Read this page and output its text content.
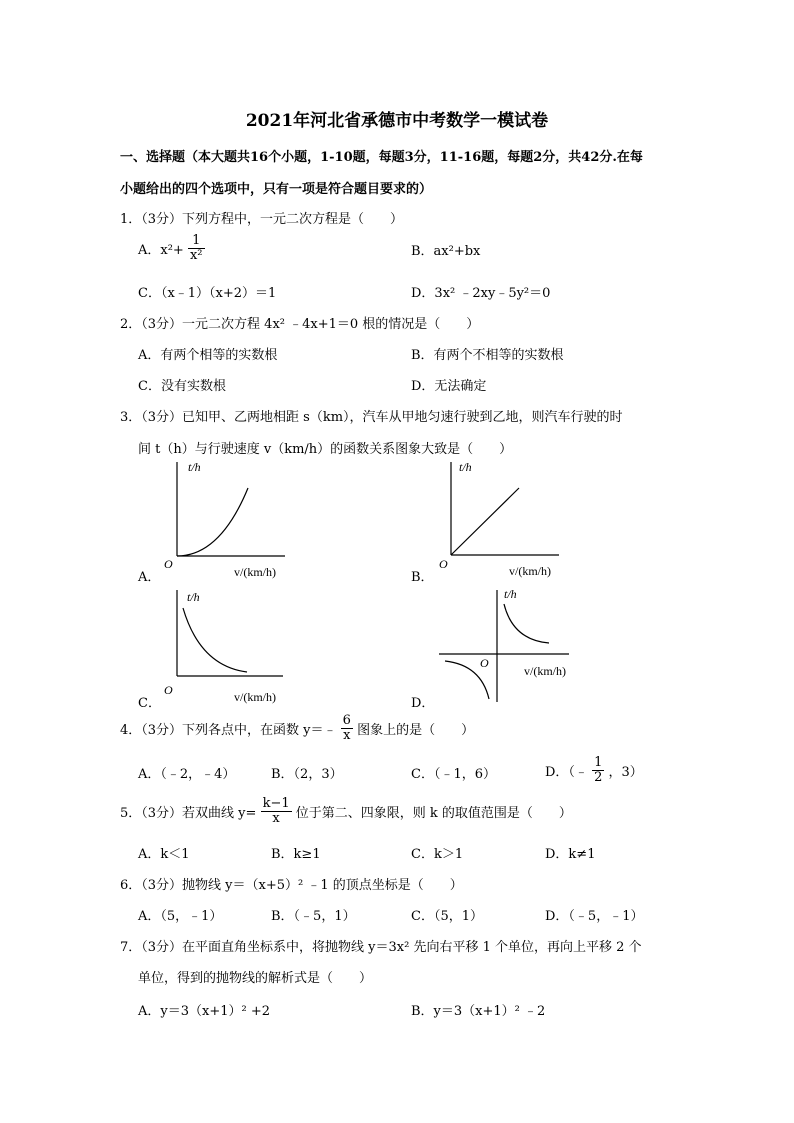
2021年河北省承德市中考数学一模试卷
一、选择题（本大题共16个小题，1-10题，每题3分，11-16题，每题2分，共42分.在每
小题给出的四个选项中，只有一项是符合题目要求的）
1．（3分）下列方程中，一元二次方程是（　　）
A．$x^2+ \frac{1}{\text{x²}}$	B．ax²+bx
C．（x﹣1）（x+2）＝1	D．3x² ﹣2xy﹣5y²＝0
2．（3分）一元二次方程 4x² ﹣4x+1＝0 根的情况是（　　）
A．有两个相等的实数根	B．有两个不相等的实数根
C．没有实数根	D．无法确定
3．（3分）已知甲、乙两地相距 s（km），汽车从甲地匀速行驶到乙地，则汽车行驶的时
间 t（h）与行驶速度 v（km/h）的函数关系图象大致是（　　）
A．
t/h
O
v/(km/h)	B．
t/h
O	v/(km/h)
C．
t/h
O	v/(km/h)	D．
t/h
O
v/(km/h)
4．（3分）下列各点中，在函数 y＝﹣ $\frac{6}{x}$ 图象上的是（　　）
A．（﹣2，﹣4）	B．（2，3）	C．（﹣1，6）	D．（﹣ $\frac{1}{2}$ ，3）
5．（3分）若双曲线 $y= \frac{k-1}{x}$ 位于第二、四象限，则 k 的取值范围是（　　）
A．k＜1	B．k≥1	C．k＞1	D．k≠1
6．（3分）抛物线 y＝（x+5）² ﹣1 的顶点坐标是（　　）
A．（5，﹣1）	B．（﹣5，1）	C．（5，1）	D．（﹣5，﹣1）
7．（3分）在平面直角坐标系中，将抛物线 y＝3x² 先向右平移 1 个单位，再向上平移 2 个
单位，得到的抛物线的解析式是（　　）
A．y＝3（x+1）² +2	B．y＝3（x+1）² ﹣2
